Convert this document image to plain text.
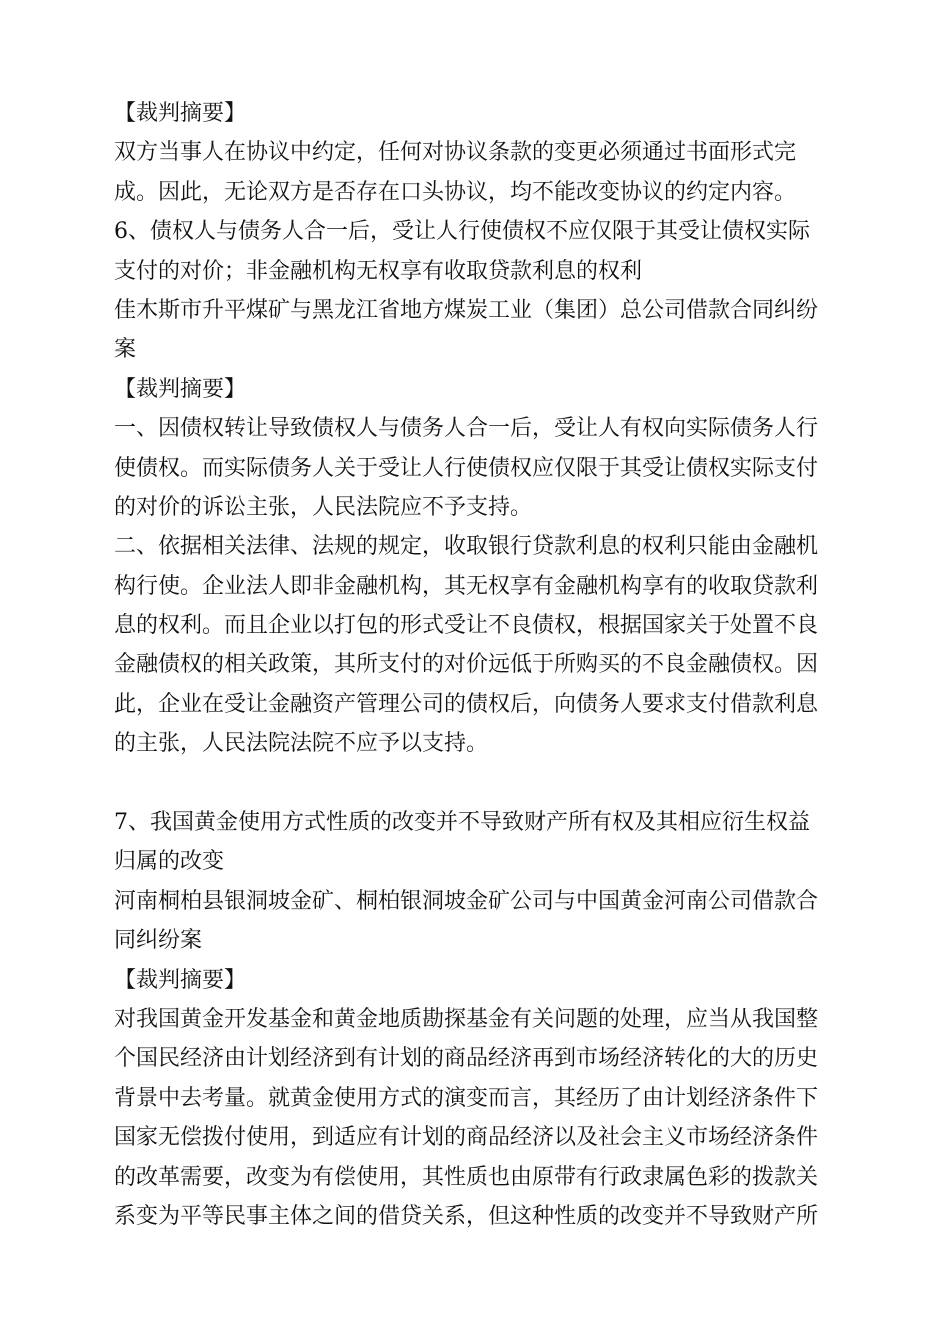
【裁判摘要】
双方当事人在协议中约定，任何对协议条款的变更必须通过书面形式完
成。因此，无论双方是否存在口头协议，均不能改变协议的约定内容。
6、债权人与债务人合一后，受让人行使债权不应仅限于其受让债权实际
支付的对价；非金融机构无权享有收取贷款利息的权利
佳木斯市升平煤矿与黑龙江省地方煤炭工业（集团）总公司借款合同纠纷
案
【裁判摘要】
一、因债权转让导致债权人与债务人合一后，受让人有权向实际债务人行
使债权。而实际债务人关于受让人行使债权应仅限于其受让债权实际支付
的对价的诉讼主张，人民法院应不予支持。
二、依据相关法律、法规的规定，收取银行贷款利息的权利只能由金融机
构行使。企业法人即非金融机构，其无权享有金融机构享有的收取贷款利
息的权利。而且企业以打包的形式受让不良债权，根据国家关于处置不良
金融债权的相关政策，其所支付的对价远低于所购买的不良金融债权。因
此，企业在受让金融资产管理公司的债权后，向债务人要求支付借款利息
的主张，人民法院法院不应予以支持。
7、我国黄金使用方式性质的改变并不导致财产所有权及其相应衍生权益
归属的改变
河南桐柏县银洞坡金矿、桐柏银洞坡金矿公司与中国黄金河南公司借款合
同纠纷案
【裁判摘要】
对我国黄金开发基金和黄金地质勘探基金有关问题的处理，应当从我国整
个国民经济由计划经济到有计划的商品经济再到市场经济转化的大的历史
背景中去考量。就黄金使用方式的演变而言，其经历了由计划经济条件下
国家无偿拨付使用，到适应有计划的商品经济以及社会主义市场经济条件
的改革需要，改变为有偿使用，其性质也由原带有行政隶属色彩的拨款关
系变为平等民事主体之间的借贷关系，但这种性质的改变并不导致财产所
